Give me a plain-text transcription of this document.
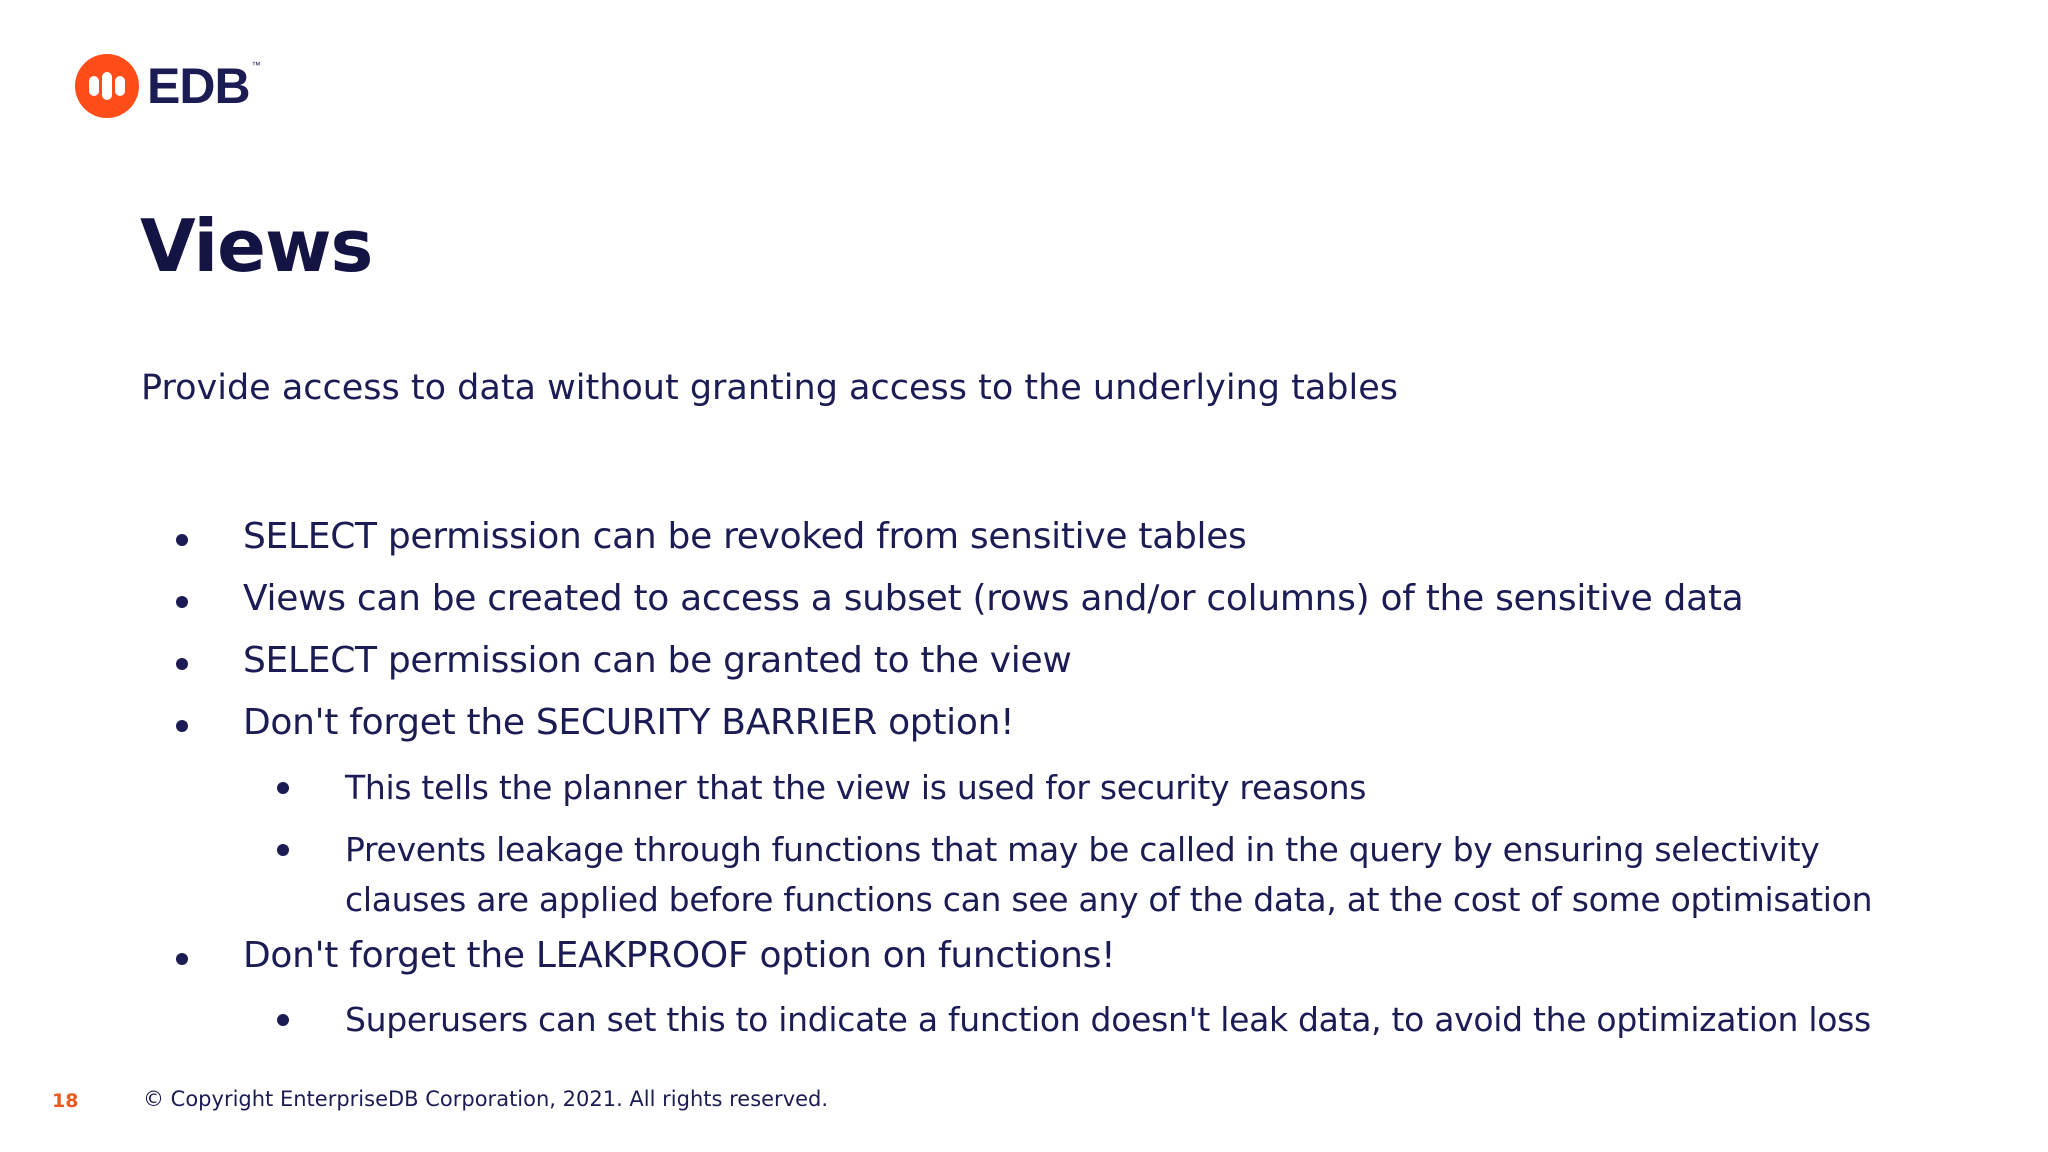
EDB ™
Views

Provide access to data without granting access to the underlying tables

SELECT permission can be revoked from sensitive tables
Views can be created to access a subset (rows and/or columns) of the sensitive data
SELECT permission can be granted to the view
Don't forget the SECURITY BARRIER option!
This tells the planner that the view is used for security reasons
Prevents leakage through functions that may be called in the query by ensuring selectivity
clauses are applied before functions can see any of the data, at the cost of some optimisation
Don't forget the LEAKPROOF option on functions!
Superusers can set this to indicate a function doesn't leak data, to avoid the optimization loss
18	© Copyright EnterpriseDB Corporation, 2021. All rights reserved.
